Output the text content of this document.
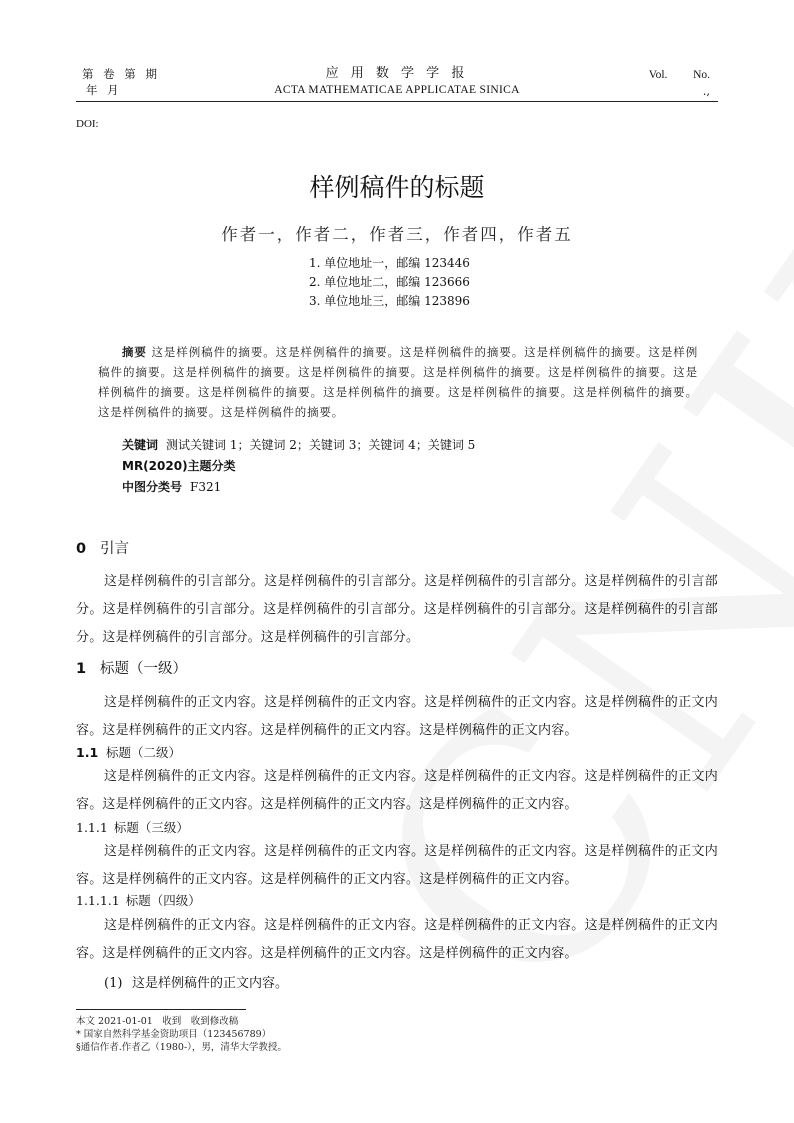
第 卷 第 期
年 月
应 用 数 学 学 报
ACTA MATHEMATICAE APPLICATAE SINICA
Vol. No.
.,
DOI:
样例稿件的标题
作者一，作者二，作者三，作者四，作者五
1. 单位地址一，邮编 123446
2. 单位地址二，邮编 123666
3. 单位地址三，邮编 123896
摘要 这是样例稿件的摘要。这是样例稿件的摘要。这是样例稿件的摘要。这是样例稿件的摘要。这是样例稿件的摘要。这是样例稿件的摘要。这是样例稿件的摘要。这是样例稿件的摘要。这是样例稿件的摘要。这是样例稿件的摘要。这是样例稿件的摘要。这是样例稿件的摘要。这是样例稿件的摘要。这是样例稿件的摘要。这是样例稿件的摘要。这是样例稿件的摘要。
关键词 测试关键词 1；关键词 2；关键词 3；关键词 4；关键词 5
MR(2020)主题分类
中图分类号 F321
0 引言
这是样例稿件的引言部分。这是样例稿件的引言部分。这是样例稿件的引言部分。这是样例稿件的引言部分。这是样例稿件的引言部分。这是样例稿件的引言部分。这是样例稿件的引言部分。这是样例稿件的引言部分。这是样例稿件的引言部分。这是样例稿件的引言部分。
1 标题（一级）
这是样例稿件的正文内容。这是样例稿件的正文内容。这是样例稿件的正文内容。这是样例稿件的正文内容。这是样例稿件的正文内容。这是样例稿件的正文内容。这是样例稿件的正文内容。
1.1 标题（二级）
这是样例稿件的正文内容。这是样例稿件的正文内容。这是样例稿件的正文内容。这是样例稿件的正文内容。这是样例稿件的正文内容。这是样例稿件的正文内容。这是样例稿件的正文内容。
1.1.1 标题（三级）
这是样例稿件的正文内容。这是样例稿件的正文内容。这是样例稿件的正文内容。这是样例稿件的正文内容。这是样例稿件的正文内容。这是样例稿件的正文内容。这是样例稿件的正文内容。
1.1.1.1 标题（四级）
这是样例稿件的正文内容。这是样例稿件的正文内容。这是样例稿件的正文内容。这是样例稿件的正文内容。这是样例稿件的正文内容。这是样例稿件的正文内容。这是样例稿件的正文内容。
(1) 这是样例稿件的正文内容。
本文 2021-01-01　收到　收到修改稿
* 国家自然科学基金资助项目（123456789）
§通信作者.作者乙（1980-），男，清华大学教授。
